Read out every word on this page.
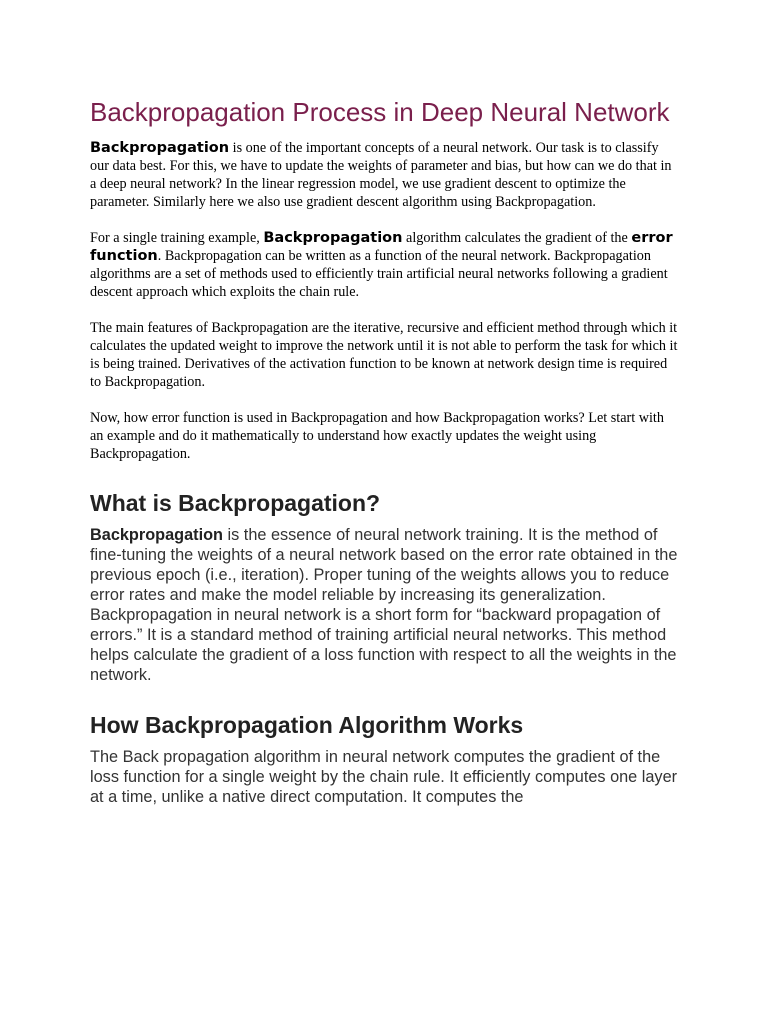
Backpropagation Process in Deep Neural Network

Backpropagation is one of the important concepts of a neural network. Our task is to classify our data best. For this, we have to update the weights of parameter and bias, but how can we do that in a deep neural network? In the linear regression model, we use gradient descent to optimize the parameter. Similarly here we also use gradient descent algorithm using Backpropagation.

For a single training example, Backpropagation algorithm calculates the gradient of the error function. Backpropagation can be written as a function of the neural network. Backpropagation algorithms are a set of methods used to efficiently train artificial neural networks following a gradient descent approach which exploits the chain rule.

The main features of Backpropagation are the iterative, recursive and efficient method through which it calculates the updated weight to improve the network until it is not able to perform the task for which it is being trained. Derivatives of the activation function to be known at network design time is required to Backpropagation.

Now, how error function is used in Backpropagation and how Backpropagation works? Let start with an example and do it mathematically to understand how exactly updates the weight using Backpropagation.

What is Backpropagation?

Backpropagation is the essence of neural network training. It is the method of fine-tuning the weights of a neural network based on the error rate obtained in the previous epoch (i.e., iteration). Proper tuning of the weights allows you to reduce error rates and make the model reliable by increasing its generalization.

Backpropagation in neural network is a short form for “backward propagation of errors.” It is a standard method of training artificial neural networks. This method helps calculate the gradient of a loss function with respect to all the weights in the network.

How Backpropagation Algorithm Works

The Back propagation algorithm in neural network computes the gradient of the loss function for a single weight by the chain rule. It efficiently computes one layer at a time, unlike a native direct computation. It computes the
